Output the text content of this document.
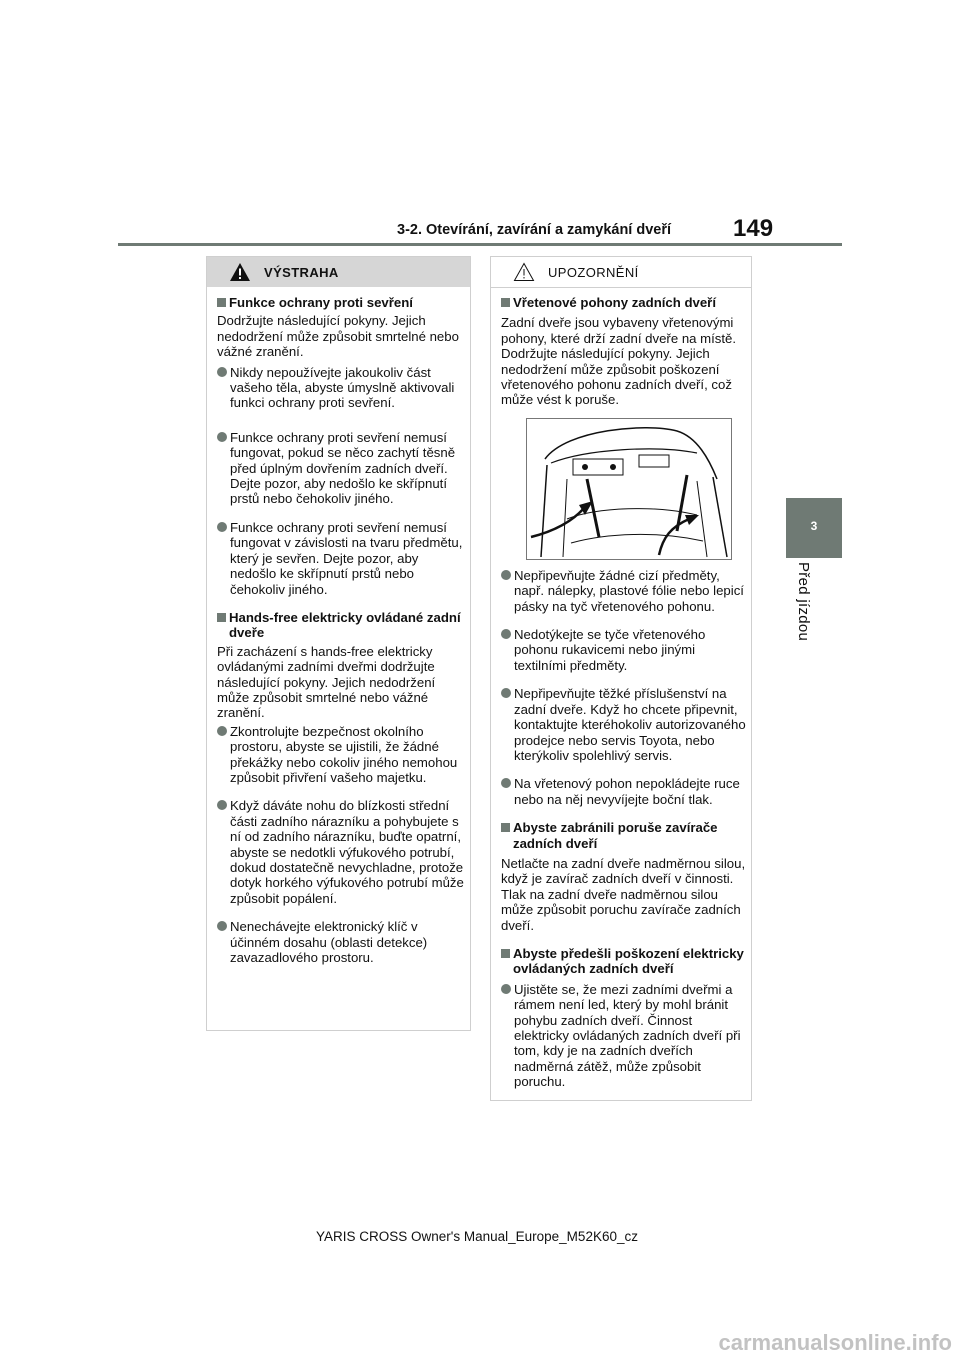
3-2. Otevírání, zavírání a zamykání dveří	149
3
Před jízdou
VÝSTRAHA
Funkce ochrany proti sevření
Dodržujte následující pokyny. Jejich nedodržení může způsobit smrtelné nebo vážné zranění.
Nikdy nepoužívejte jakoukoliv část vašeho těla, abyste úmyslně aktivovali funkci ochrany proti sevření.
Funkce ochrany proti sevření nemusí fungovat, pokud se něco zachytí těsně před úplným dovřením zadních dveří. Dejte pozor, aby nedošlo ke skřípnutí prstů nebo čehokoliv jiného.
Funkce ochrany proti sevření nemusí fungovat v závislosti na tvaru předmětu, který je sevřen. Dejte pozor, aby nedošlo ke skřípnutí prstů nebo čehokoliv jiného.
Hands-free elektricky ovládané zadní dveře
Při zacházení s hands-free elektricky ovládanými zadními dveřmi dodržujte následující pokyny. Jejich nedodržení může způsobit smrtelné nebo vážné zranění.
Zkontrolujte bezpečnost okolního prostoru, abyste se ujistili, že žádné překážky nebo cokoliv jiného nemohou způsobit přivření vašeho majetku.
Když dáváte nohu do blízkosti střední části zadního nárazníku a pohybujete s ní od zadního nárazníku, buďte opatrní, abyste se nedotkli výfukového potrubí, dokud dostatečně nevychladne, protože dotyk horkého výfukového potrubí může způsobit popálení.
Nenechávejte elektronický klíč v účinném dosahu (oblasti detekce) zavazadlového prostoru.
UPOZORNĚNÍ
Vřetenové pohony zadních dveří
Zadní dveře jsou vybaveny vřetenovými pohony, které drží zadní dveře na místě. Dodržujte následující pokyny. Jejich nedodržení může způsobit poškození vřetenového pohonu zadních dveří, což může vést k poruše.
Nepřipevňujte žádné cizí předměty, např. nálepky, plastové fólie nebo lepicí pásky na tyč vřetenového pohonu.
Nedotýkejte se tyče vřetenového pohonu rukavicemi nebo jinými textilními předměty.
Nepřipevňujte těžké příslušenství na zadní dveře. Když ho chcete připevnit, kontaktujte kteréhokoliv autorizovaného prodejce nebo servis Toyota, nebo kterýkoliv spolehlivý servis.
Na vřetenový pohon nepokládejte ruce nebo na něj nevyvíjejte boční tlak.
Abyste zabránili poruše zavírače zadních dveří
Netlačte na zadní dveře nadměrnou silou, když je zavírač zadních dveří v činnosti. Tlak na zadní dveře nadměrnou silou může způsobit poruchu zavírače zadních dveří.
Abyste předešli poškození elektricky ovládaných zadních dveří
Ujistěte se, že mezi zadními dveřmi a rámem není led, který by mohl bránit pohybu zadních dveří. Činnost elektricky ovládaných zadních dveří při tom, kdy je na zadních dveřích nadměrná zátěž, může způsobit poruchu.
YARIS CROSS Owner's Manual_Europe_M52K60_cz
carmanualsonline.info
